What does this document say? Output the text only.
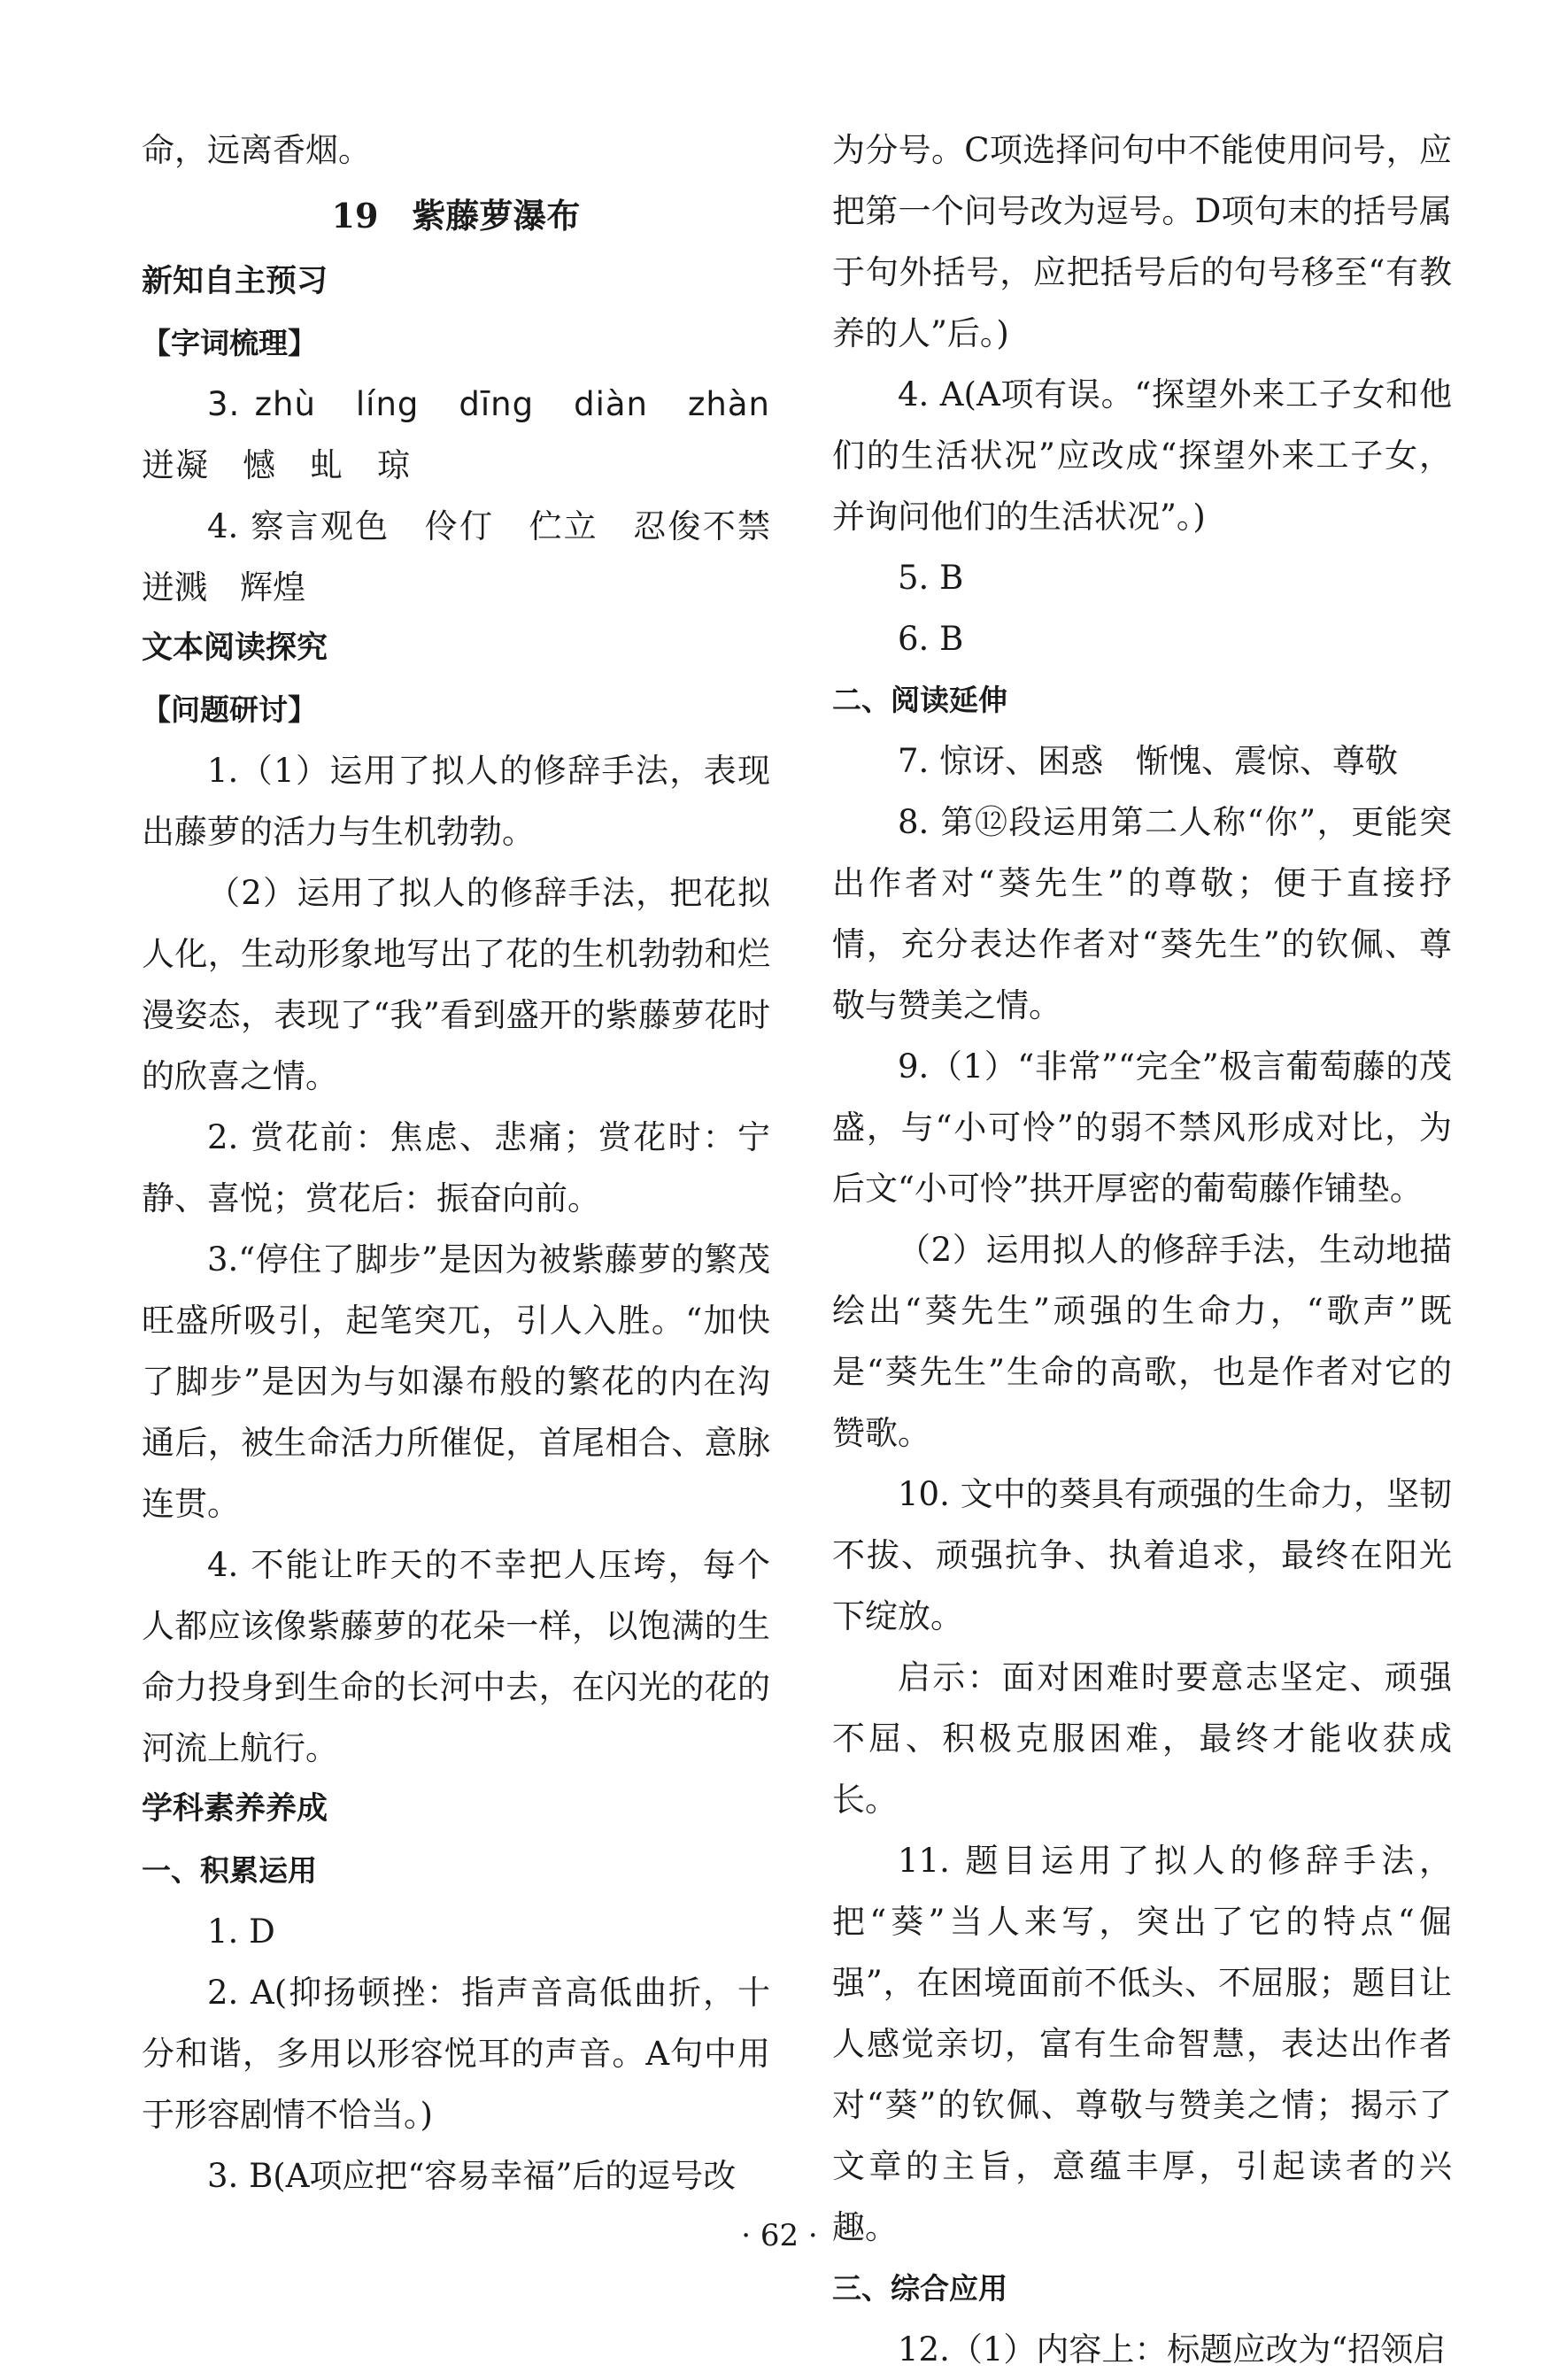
命，远离香烟。

19　紫藤萝瀑布

新知自主预习

【字词梳理】

3. zhù　líng　dīng　diàn　zhàn　迸凝　憾　虬　琼

4. 察言观色　伶仃　伫立　忍俊不禁迸溅　辉煌

文本阅读探究

【问题研讨】

1.（1）运用了拟人的修辞手法，表现出藤萝的活力与生机勃勃。

（2）运用了拟人的修辞手法，把花拟人化，生动形象地写出了花的生机勃勃和烂漫姿态，表现了“我”看到盛开的紫藤萝花时的欣喜之情。

2. 赏花前：焦虑、悲痛；赏花时：宁静、喜悦；赏花后：振奋向前。

3.“停住了脚步”是因为被紫藤萝的繁茂旺盛所吸引，起笔突兀，引人入胜。“加快了脚步”是因为与如瀑布般的繁花的内在沟通后，被生命活力所催促，首尾相合、意脉连贯。

4. 不能让昨天的不幸把人压垮，每个人都应该像紫藤萝的花朵一样，以饱满的生命力投身到生命的长河中去，在闪光的花的河流上航行。

学科素养养成

一、积累运用

1. D

2. A(抑扬顿挫：指声音高低曲折，十分和谐，多用以形容悦耳的声音。A句中用于形容剧情不恰当。)

3. B(A项应把“容易幸福”后的逗号改

为分号。C项选择问句中不能使用问号，应把第一个问号改为逗号。D项句末的括号属于句外括号，应把括号后的句号移至“有教养的人”后。)

4. A(A项有误。“探望外来工子女和他们的生活状况”应改成“探望外来工子女，并询问他们的生活状况”。)

5. B

6. B

二、阅读延伸

7. 惊讶、困惑　惭愧、震惊、尊敬

8. 第⑫段运用第二人称“你”，更能突出作者对“葵先生”的尊敬；便于直接抒情，充分表达作者对“葵先生”的钦佩、尊敬与赞美之情。

9.（1）“非常”“完全”极言葡萄藤的茂盛，与“小可怜”的弱不禁风形成对比，为后文“小可怜”拱开厚密的葡萄藤作铺垫。

（2）运用拟人的修辞手法，生动地描绘出“葵先生”顽强的生命力，“歌声”既是“葵先生”生命的高歌，也是作者对它的赞歌。

10. 文中的葵具有顽强的生命力，坚韧不拔、顽强抗争、执着追求，最终在阳光下绽放。

启示：面对困难时要意志坚定、顽强不屈、积极克服困难，最终才能收获成长。

11. 题目运用了拟人的修辞手法，把“葵”当人来写，突出了它的特点“倔强”，在困境面前不低头、不屈服；题目让人感觉亲切，富有生命智慧，表达出作者对“葵”的钦佩、尊敬与赞美之情；揭示了文章的主旨，意蕴丰厚，引起读者的兴趣。

三、综合应用

12.（1）内容上：标题应改为“招领启

· 62 ·
